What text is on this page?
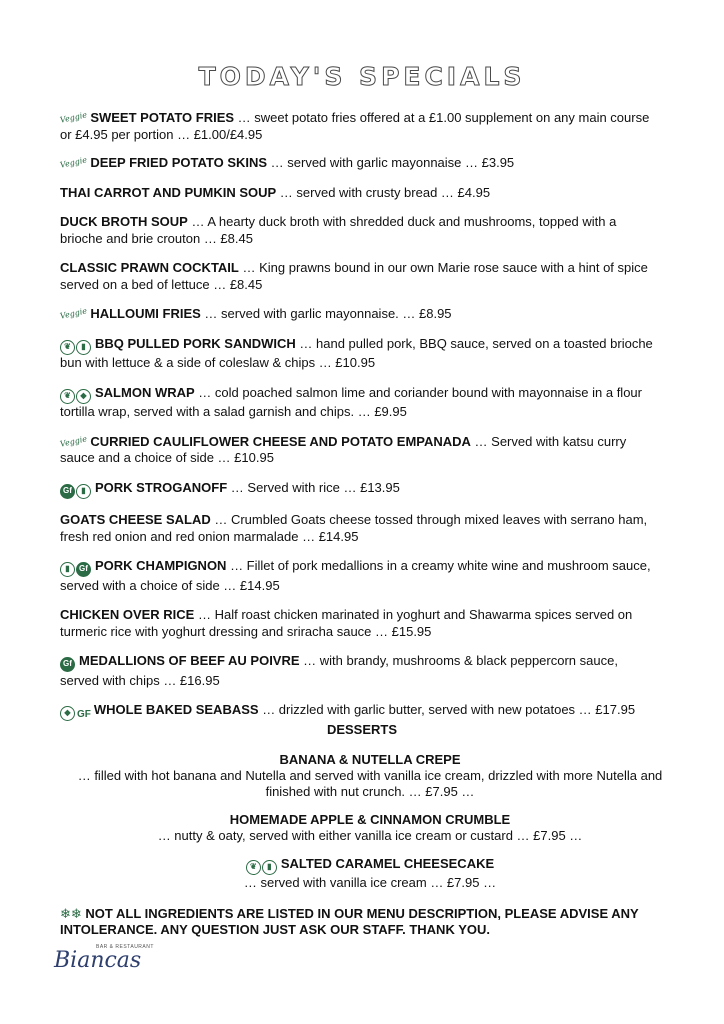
TODAY'S SPECIALS

Veggie SWEET POTATO FRIES … sweet potato fries offered at a £1.00 supplement on any main course or £4.95 per portion … £1.00/£4.95

Veggie DEEP FRIED POTATO SKINS … served with garlic mayonnaise … £3.95

THAI CARROT AND PUMKIN SOUP … served with crusty bread … £4.95

DUCK BROTH SOUP … A hearty duck broth with shredded duck and mushrooms, topped with a brioche and brie crouton … £8.45

CLASSIC PRAWN COCKTAIL … King prawns bound in our own Marie rose sauce with a hint of spice served on a bed of lettuce … £8.45

Veggie HALLOUMI FRIES … served with garlic mayonnaise. … £8.95

❦ ▮ BBQ PULLED PORK SANDWICH … hand pulled pork, BBQ sauce, served on a toasted brioche bun with lettuce & a side of coleslaw & chips … £10.95

❦ ◆ SALMON WRAP … cold poached salmon lime and coriander bound with mayonnaise in a flour tortilla wrap, served with a salad garnish and chips. … £9.95

Veggie CURRIED CAULIFLOWER CHEESE AND POTATO EMPANADA … Served with katsu curry sauce and a choice of side … £10.95

Gf ▮ PORK STROGANOFF … Served with rice … £13.95

GOATS CHEESE SALAD … Crumbled Goats cheese tossed through mixed leaves with serrano ham, fresh red onion and red onion marmalade … £14.95

▮ Gf PORK CHAMPIGNON … Fillet of pork medallions in a creamy white wine and mushroom sauce, served with a choice of side … £14.95

CHICKEN OVER RICE … Half roast chicken marinated in yoghurt and Shawarma spices served on turmeric rice with yoghurt dressing and sriracha sauce … £15.95

Gf MEDALLIONS OF BEEF AU POIVRE … with brandy, mushrooms & black peppercorn sauce, served with chips … £16.95

◆ GF WHOLE BAKED SEABASS … drizzled with garlic butter, served with new potatoes … £17.95

DESSERTS
BANANA & NUTELLA CREPE
… filled with hot banana and Nutella and served with vanilla ice cream, drizzled with more Nutella and finished with nut crunch. … £7.95 …
HOMEMADE APPLE & CINNAMON CRUMBLE
… nutty & oaty, served with either vanilla ice cream or custard … £7.95 …
❦ ▮ SALTED CARAMEL CHEESECAKE
… served with vanilla ice cream … £7.95 …
❄❄ NOT ALL INGREDIENTS ARE LISTED IN OUR MENU DESCRIPTION, PLEASE ADVISE ANY INTOLERANCE. ANY QUESTION JUST ASK OUR STAFF. THANK YOU.
BAR & RESTAURANT
Biancas
